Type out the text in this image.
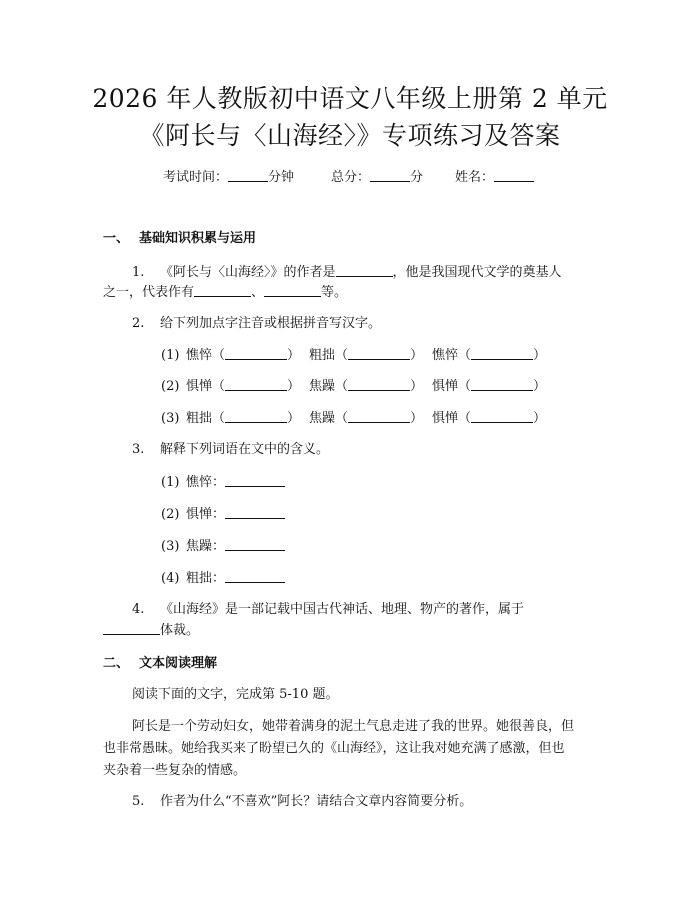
2026 年人教版初中语文八年级上册第 2 单元
《阿长与〈山海经〉》专项练习及答案
考试时间：	分钟	总分：	分 姓名：
一、 基础知识积累与运用
1. 《阿长与〈山海经〉》的作者是	，他是我国现代文学的奠基人
之一，代表作有	、	等。
2. 给下列加点字注音或根据拼音写汉字。
(1) 憔悴（	） 粗拙（	） 憔悴（	）
(2) 惧惮（	） 焦躁（	） 惧惮（	）
(3) 粗拙（	） 焦躁（	） 惧惮（	）
3. 解释下列词语在文中的含义。
(1) 憔悴：
(2) 惧惮：
(3) 焦躁：
(4) 粗拙：
4. 《山海经》是一部记载中国古代神话、地理、物产的著作，属于
体裁。
二、 文本阅读理解
阅读下面的文字，完成第 5-10 题。
阿长是一个劳动妇女，她带着满身的泥土气息走进了我的世界。她很善良，但
也非常愚昧。她给我买来了盼望已久的《山海经》，这让我对她充满了感激，但也
夹杂着一些复杂的情感。
5. 作者为什么“不喜欢”阿长？请结合文章内容简要分析。
